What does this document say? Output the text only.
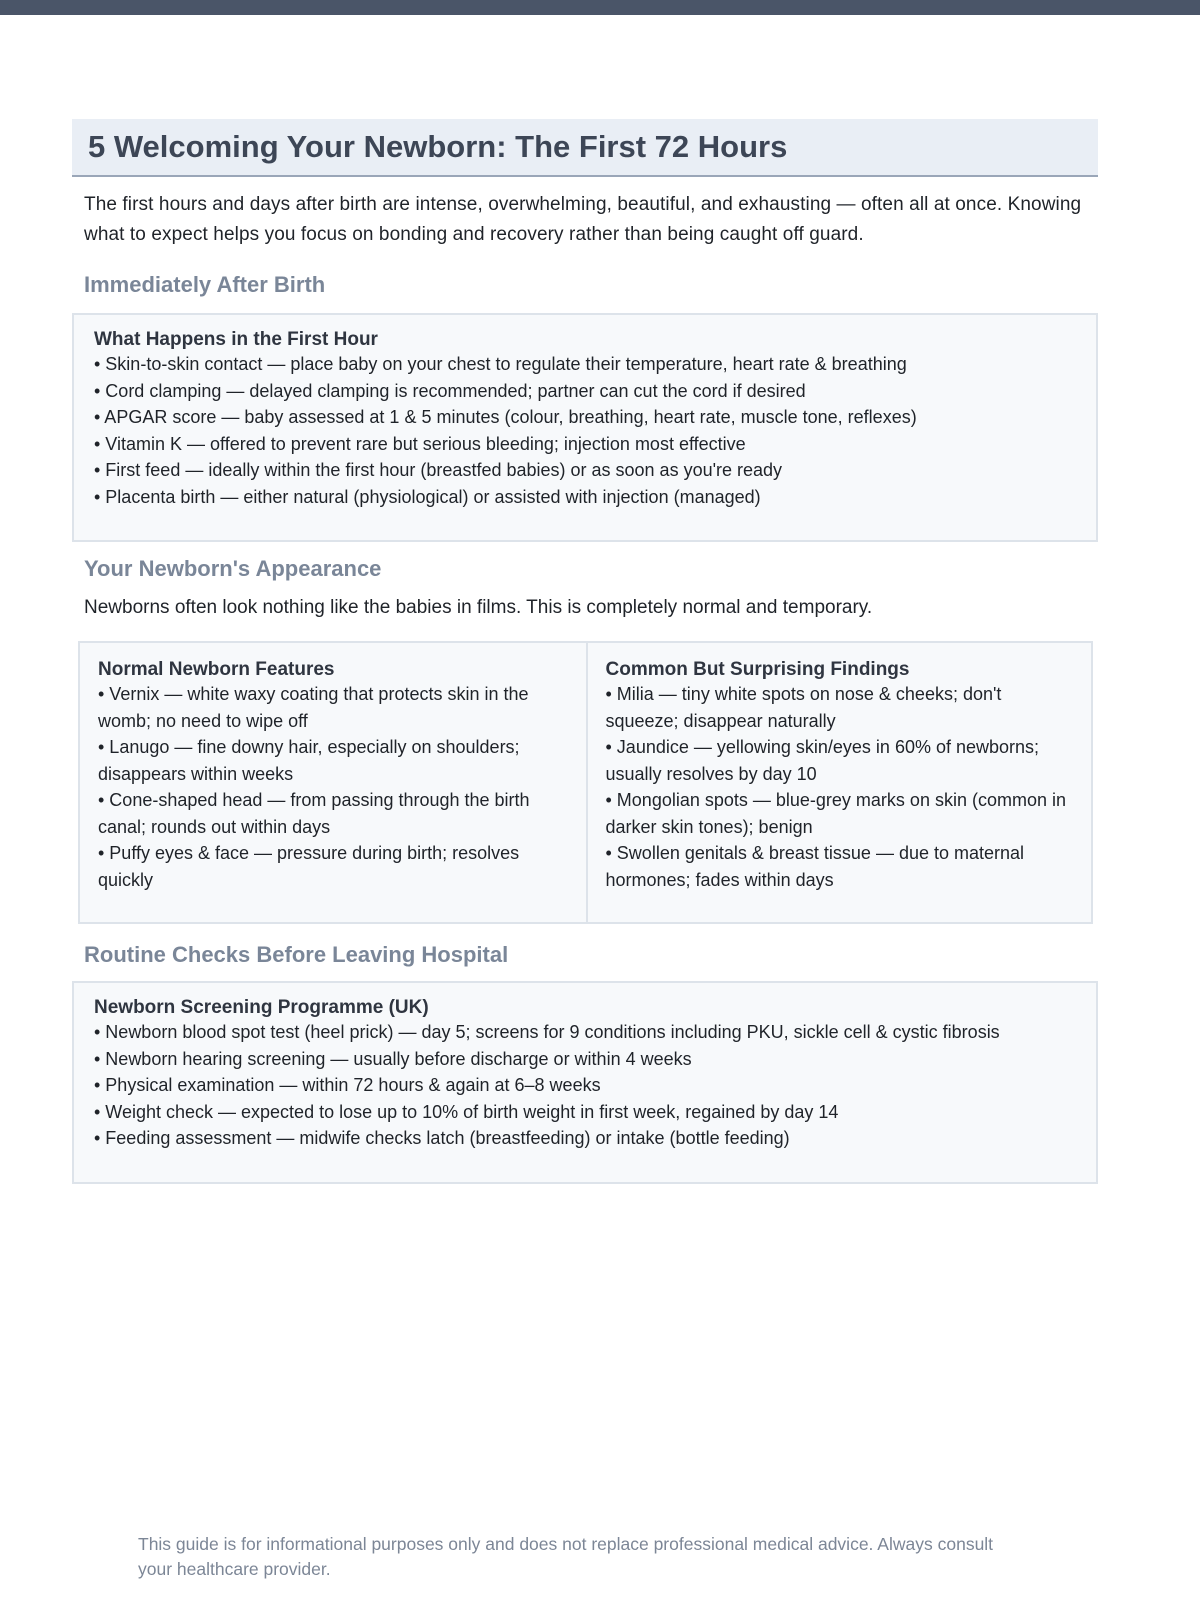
5 Welcoming Your Newborn: The First 72 Hours

The first hours and days after birth are intense, overwhelming, beautiful, and exhausting — often all at once. Knowing what to expect helps you focus on bonding and recovery rather than being caught off guard.

Immediately After Birth

What Happens in the First Hour

• Skin-to-skin contact — place baby on your chest to regulate their temperature, heart rate & breathing
• Cord clamping — delayed clamping is recommended; partner can cut the cord if desired
• APGAR score — baby assessed at 1 & 5 minutes (colour, breathing, heart rate, muscle tone, reflexes)
• Vitamin K — offered to prevent rare but serious bleeding; injection most effective
• First feed — ideally within the first hour (breastfed babies) or as soon as you're ready
• Placenta birth — either natural (physiological) or assisted with injection (managed)
Your Newborn's Appearance

Newborns often look nothing like the babies in films. This is completely normal and temporary.

Normal Newborn Features

• Vernix — white waxy coating that protects skin in the womb; no need to wipe off
• Lanugo — fine downy hair, especially on shoulders; disappears within weeks
• Cone-shaped head — from passing through the birth canal; rounds out within days
• Puffy eyes & face — pressure during birth; resolves quickly

Common But Surprising Findings

• Milia — tiny white spots on nose & cheeks; don't squeeze; disappear naturally
• Jaundice — yellowing skin/eyes in 60% of newborns; usually resolves by day 10
• Mongolian spots — blue-grey marks on skin (common in darker skin tones); benign
• Swollen genitals & breast tissue — due to maternal hormones; fades within days
Routine Checks Before Leaving Hospital

Newborn Screening Programme (UK)

• Newborn blood spot test (heel prick) — day 5; screens for 9 conditions including PKU, sickle cell & cystic fibrosis
• Newborn hearing screening — usually before discharge or within 4 weeks
• Physical examination — within 72 hours & again at 6–8 weeks
• Weight check — expected to lose up to 10% of birth weight in first week, regained by day 14
• Feeding assessment — midwife checks latch (breastfeeding) or intake (bottle feeding)

This guide is for informational purposes only and does not replace professional medical advice. Always consult your healthcare provider.
